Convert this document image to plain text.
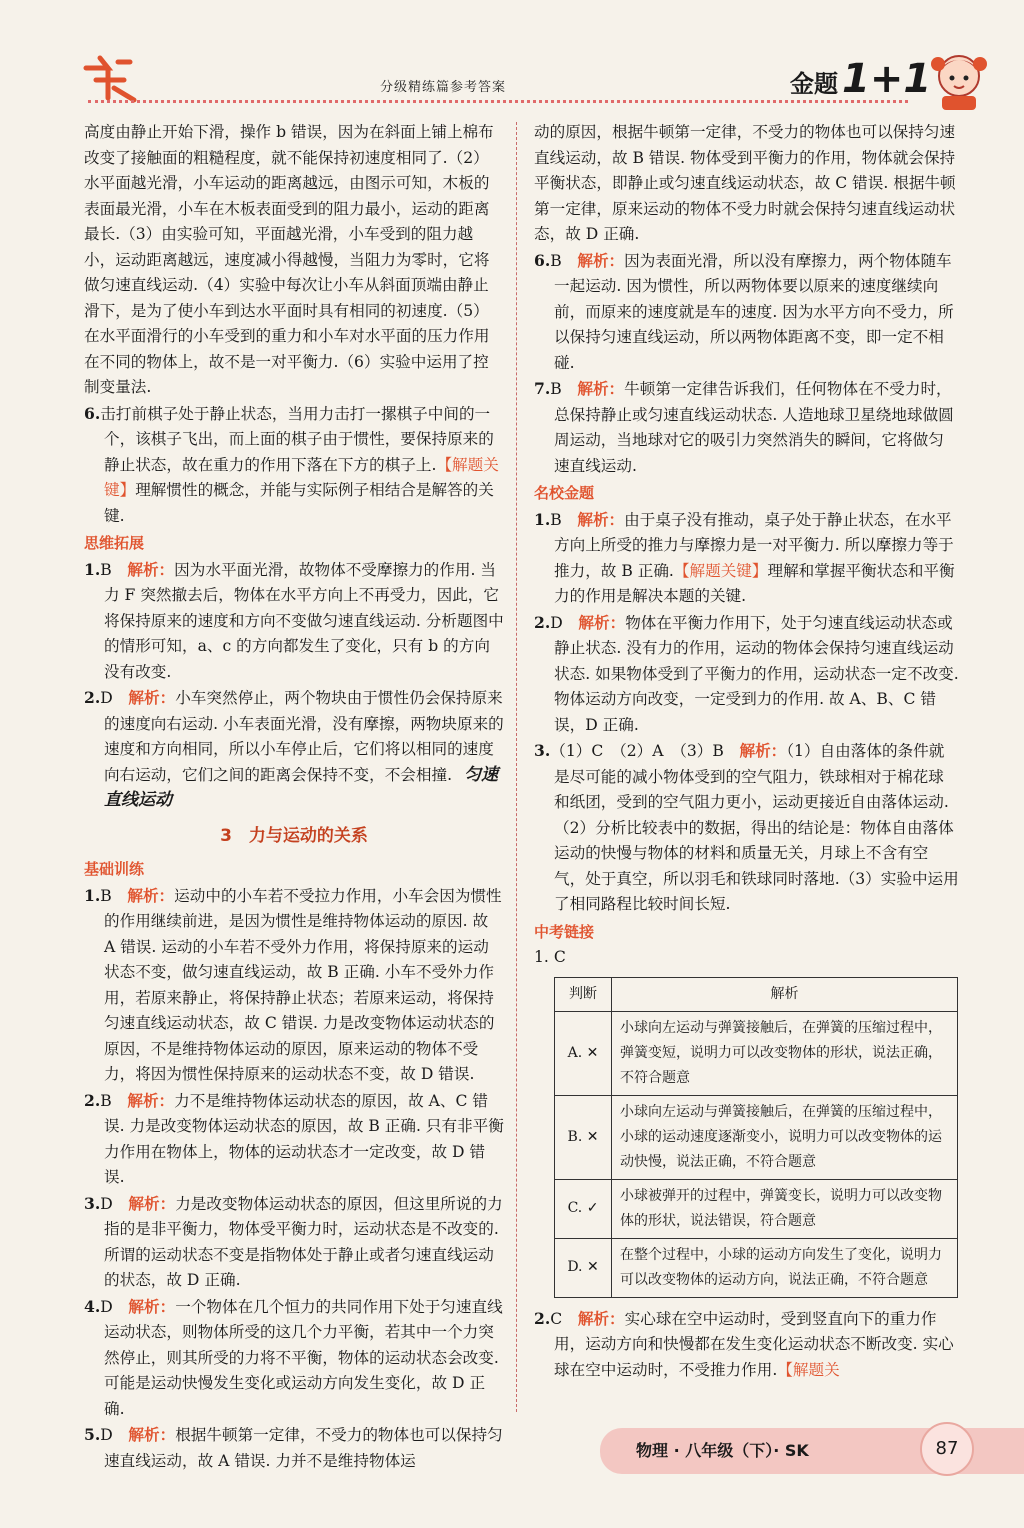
分级精练篇参考答案	金题 1+1

高度由静止开始下滑，操作 b 错误，因为在斜面上铺上棉布改变了接触面的粗糙程度，就不能保持初速度相同了.（2）水平面越光滑，小车运动的距离越远，由图示可知，木板的表面最光滑，小车在木板表面受到的阻力最小，运动的距离最长.（3）由实验可知，平面越光滑，小车受到的阻力越小，运动距离越远，速度减小得越慢，当阻力为零时，它将做匀速直线运动.（4）实验中每次让小车从斜面顶端由静止滑下，是为了使小车到达水平面时具有相同的初速度.（5）在水平面滑行的小车受到的重力和小车对水平面的压力作用在不同的物体上，故不是一对平衡力.（6）实验中运用了控制变量法.

6.击打前棋子处于静止状态，当用力击打一摞棋子中间的一个，该棋子飞出，而上面的棋子由于惯性，要保持原来的静止状态，故在重力的作用下落在下方的棋子上.【解题关键】理解惯性的概念，并能与实际例子相结合是解答的关键.

思维拓展

1.B　 解析：因为水平面光滑，故物体不受摩擦力的作用. 当力 F 突然撤去后，物体在水平方向上不再受力，因此，它将保持原来的速度和方向不变做匀速直线运动. 分析题图中的情形可知，a、c 的方向都发生了变化，只有 b 的方向没有改变.

2.D　 解析：小车突然停止，两个物块由于惯性仍会保持原来的速度向右运动. 小车表面光滑，没有摩擦，两物块原来的速度和方向相同，所以小车停止后，它们将以相同的速度向右运动，它们之间的距离会保持不变，不会相撞. 匀速直线运动

3　力与运动的关系
基础训练

1.B　 解析：运动中的小车若不受拉力作用，小车会因为惯性的作用继续前进，是因为惯性是维持物体运动的原因. 故 A 错误. 运动的小车若不受外力作用，将保持原来的运动状态不变，做匀速直线运动，故 B 正确. 小车不受外力作用，若原来静止，将保持静止状态；若原来运动，将保持匀速直线运动状态，故 C 错误. 力是改变物体运动状态的原因，不是维持物体运动的原因，原来运动的物体不受力，将因为惯性保持原来的运动状态不变，故 D 错误.

2.B　 解析：力不是维持物体运动状态的原因，故 A、C 错误. 力是改变物体运动状态的原因，故 B 正确. 只有非平衡力作用在物体上，物体的运动状态才一定改变，故 D 错误.

3.D　 解析：力是改变物体运动状态的原因，但这里所说的力指的是非平衡力，物体受平衡力时，运动状态是不改变的. 所谓的运动状态不变是指物体处于静止或者匀速直线运动的状态，故 D 正确.

4.D　 解析：一个物体在几个恒力的共同作用下处于匀速直线运动状态，则物体所受的这几个力平衡，若其中一个力突然停止，则其所受的力将不平衡，物体的运动状态会改变. 可能是运动快慢发生变化或运动方向发生变化，故 D 正确.

5.D　 解析：根据牛顿第一定律，不受力的物体也可以保持匀速直线运动，故 A 错误. 力并不是维持物体运

动的原因，根据牛顿第一定律，不受力的物体也可以保持匀速直线运动，故 B 错误. 物体受到平衡力的作用，物体就会保持平衡状态，即静止或匀速直线运动状态，故 C 错误. 根据牛顿第一定律，原来运动的物体不受力时就会保持匀速直线运动状态，故 D 正确.

6.B　 解析：因为表面光滑，所以没有摩擦力，两个物体随车一起运动. 因为惯性，所以两物体要以原来的速度继续向前，而原来的速度就是车的速度. 因为水平方向不受力，所以保持匀速直线运动，所以两物体距离不变，即一定不相碰.

7.B　 解析：牛顿第一定律告诉我们，任何物体在不受力时，总保持静止或匀速直线运动状态. 人造地球卫星绕地球做圆周运动，当地球对它的吸引力突然消失的瞬间，它将做匀速直线运动.

名校金题

1.B　 解析：由于桌子没有推动，桌子处于静止状态，在水平方向上所受的推力与摩擦力是一对平衡力. 所以摩擦力等于推力，故 B 正确.【解题关键】理解和掌握平衡状态和平衡力的作用是解决本题的关键.

2.D　 解析：物体在平衡力作用下，处于匀速直线运动状态或静止状态. 没有力的作用，运动的物体会保持匀速直线运动状态. 如果物体受到了平衡力的作用，运动状态一定不改变. 物体运动方向改变，一定受到力的作用. 故 A、B、C 错误，D 正确.

3.（1）C　（2）A　（3）B　 解析：（1）自由落体的条件就是尽可能的减小物体受到的空气阻力，铁球相对于棉花球和纸团，受到的空气阻力更小，运动更接近自由落体运动.（2）分析比较表中的数据，得出的结论是：物体自由落体运动的快慢与物体的材料和质量无关，月球上不含有空气，处于真空，所以羽毛和铁球同时落地.（3）实验中运用了相同路程比较时间长短.

中考链接

1. C

判断	解析
A. ✕	小球向左运动与弹簧接触后，在弹簧的压缩过程中，弹簧变短，说明力可以改变物体的形状，说法正确，不符合题意
B. ✕	小球向左运动与弹簧接触后，在弹簧的压缩过程中，小球的运动速度逐渐变小，说明力可以改变物体的运动快慢，说法正确，不符合题意
C. ✓	小球被弹开的过程中，弹簧变长，说明力可以改变物体的形状，说法错误，符合题意
D. ✕	在整个过程中，小球的运动方向发生了变化，说明力可以改变物体的运动方向，说法正确，不符合题意

2.C　 解析：实心球在空中运动时，受到竖直向下的重力作用，运动方向和快慢都在发生变化运动状态不断改变. 实心球在空中运动时，不受推力作用.【解题关

物理 · 八年级（下）· SK	87
